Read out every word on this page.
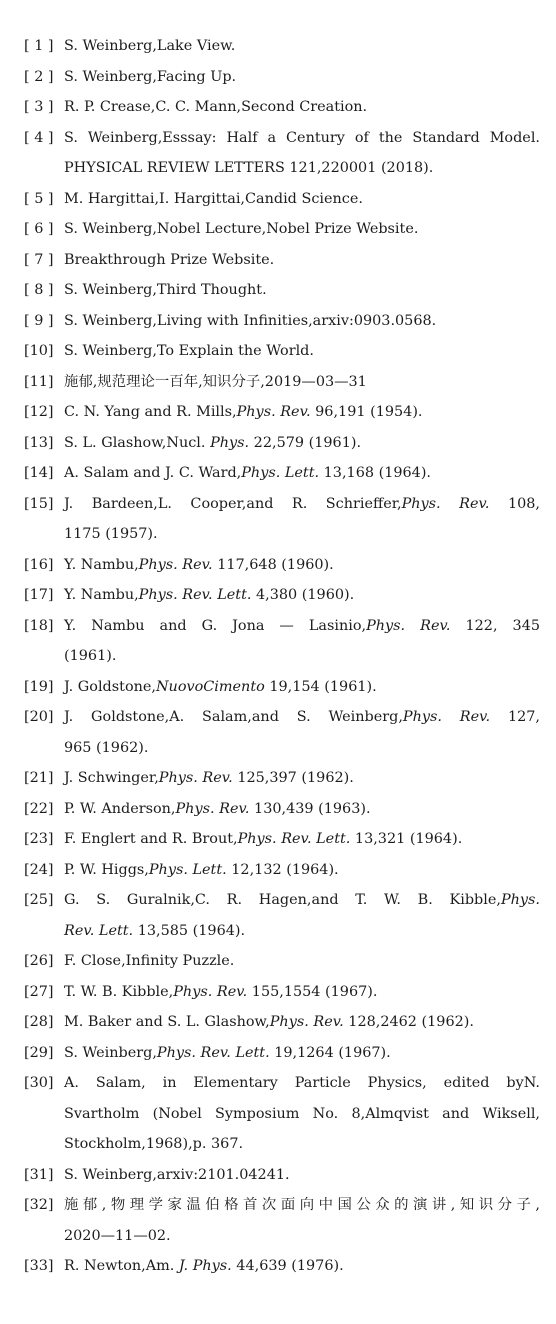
[ 1 ] S. Weinberg,Lake View.
[ 2 ] S. Weinberg,Facing Up.
[ 3 ] R. P. Crease,C. C. Mann,Second Creation.
[ 4 ] S. Weinberg,Esssay: Half a Century of the Standard Model.
PHYSICAL REVIEW LETTERS 121,220001 (2018).
[ 5 ] M. Hargittai,I. Hargittai,Candid Science.
[ 6 ] S. Weinberg,Nobel Lecture,Nobel Prize Website.
[ 7 ] Breakthrough Prize Website.
[ 8 ] S. Weinberg,Third Thought.
[ 9 ] S. Weinberg,Living with Infinities,arxiv:0903.0568.
[10] S. Weinberg,To Explain the World.
[11] 施郁,规范理论一百年,知识分子,2019—03—31
[12] C. N. Yang and R. Mills,Phys. Rev. 96,191 (1954).
[13] S. L. Glashow,Nucl. Phys. 22,579 (1961).
[14] A. Salam and J. C. Ward,Phys. Lett. 13,168 (1964).
[15] J. Bardeen,L. Cooper,and R. Schrieffer,Phys. Rev. 108,
1175 (1957).
[16] Y. Nambu,Phys. Rev. 117,648 (1960).
[17] Y. Nambu,Phys. Rev. Lett. 4,380 (1960).
[18] Y. Nambu and G. Jona — Lasinio,Phys. Rev. 122, 345
(1961).
[19] J. Goldstone,NuovoCimento 19,154 (1961).
[20] J. Goldstone,A. Salam,and S. Weinberg,Phys. Rev. 127,
965 (1962).
[21] J. Schwinger,Phys. Rev. 125,397 (1962).
[22] P. W. Anderson,Phys. Rev. 130,439 (1963).
[23] F. Englert and R. Brout,Phys. Rev. Lett. 13,321 (1964).
[24] P. W. Higgs,Phys. Lett. 12,132 (1964).
[25] G. S. Guralnik,C. R. Hagen,and T. W. B. Kibble,Phys.
Rev. Lett. 13,585 (1964).
[26] F. Close,Infinity Puzzle.
[27] T. W. B. Kibble,Phys. Rev. 155,1554 (1967).
[28] M. Baker and S. L. Glashow,Phys. Rev. 128,2462 (1962).
[29] S. Weinberg,Phys. Rev. Lett. 19,1264 (1967).
[30] A. Salam, in Elementary Particle Physics, edited byN.
Svartholm (Nobel Symposium No. 8,Almqvist and Wiksell,
Stockholm,1968),p. 367.
[31] S. Weinberg,arxiv:2101.04241.
[32] 施郁,物理学家温伯格首次面向中国公众的演讲,知识分子,
2020—11—02.
[33] R. Newton,Am. J. Phys. 44,639 (1976).
